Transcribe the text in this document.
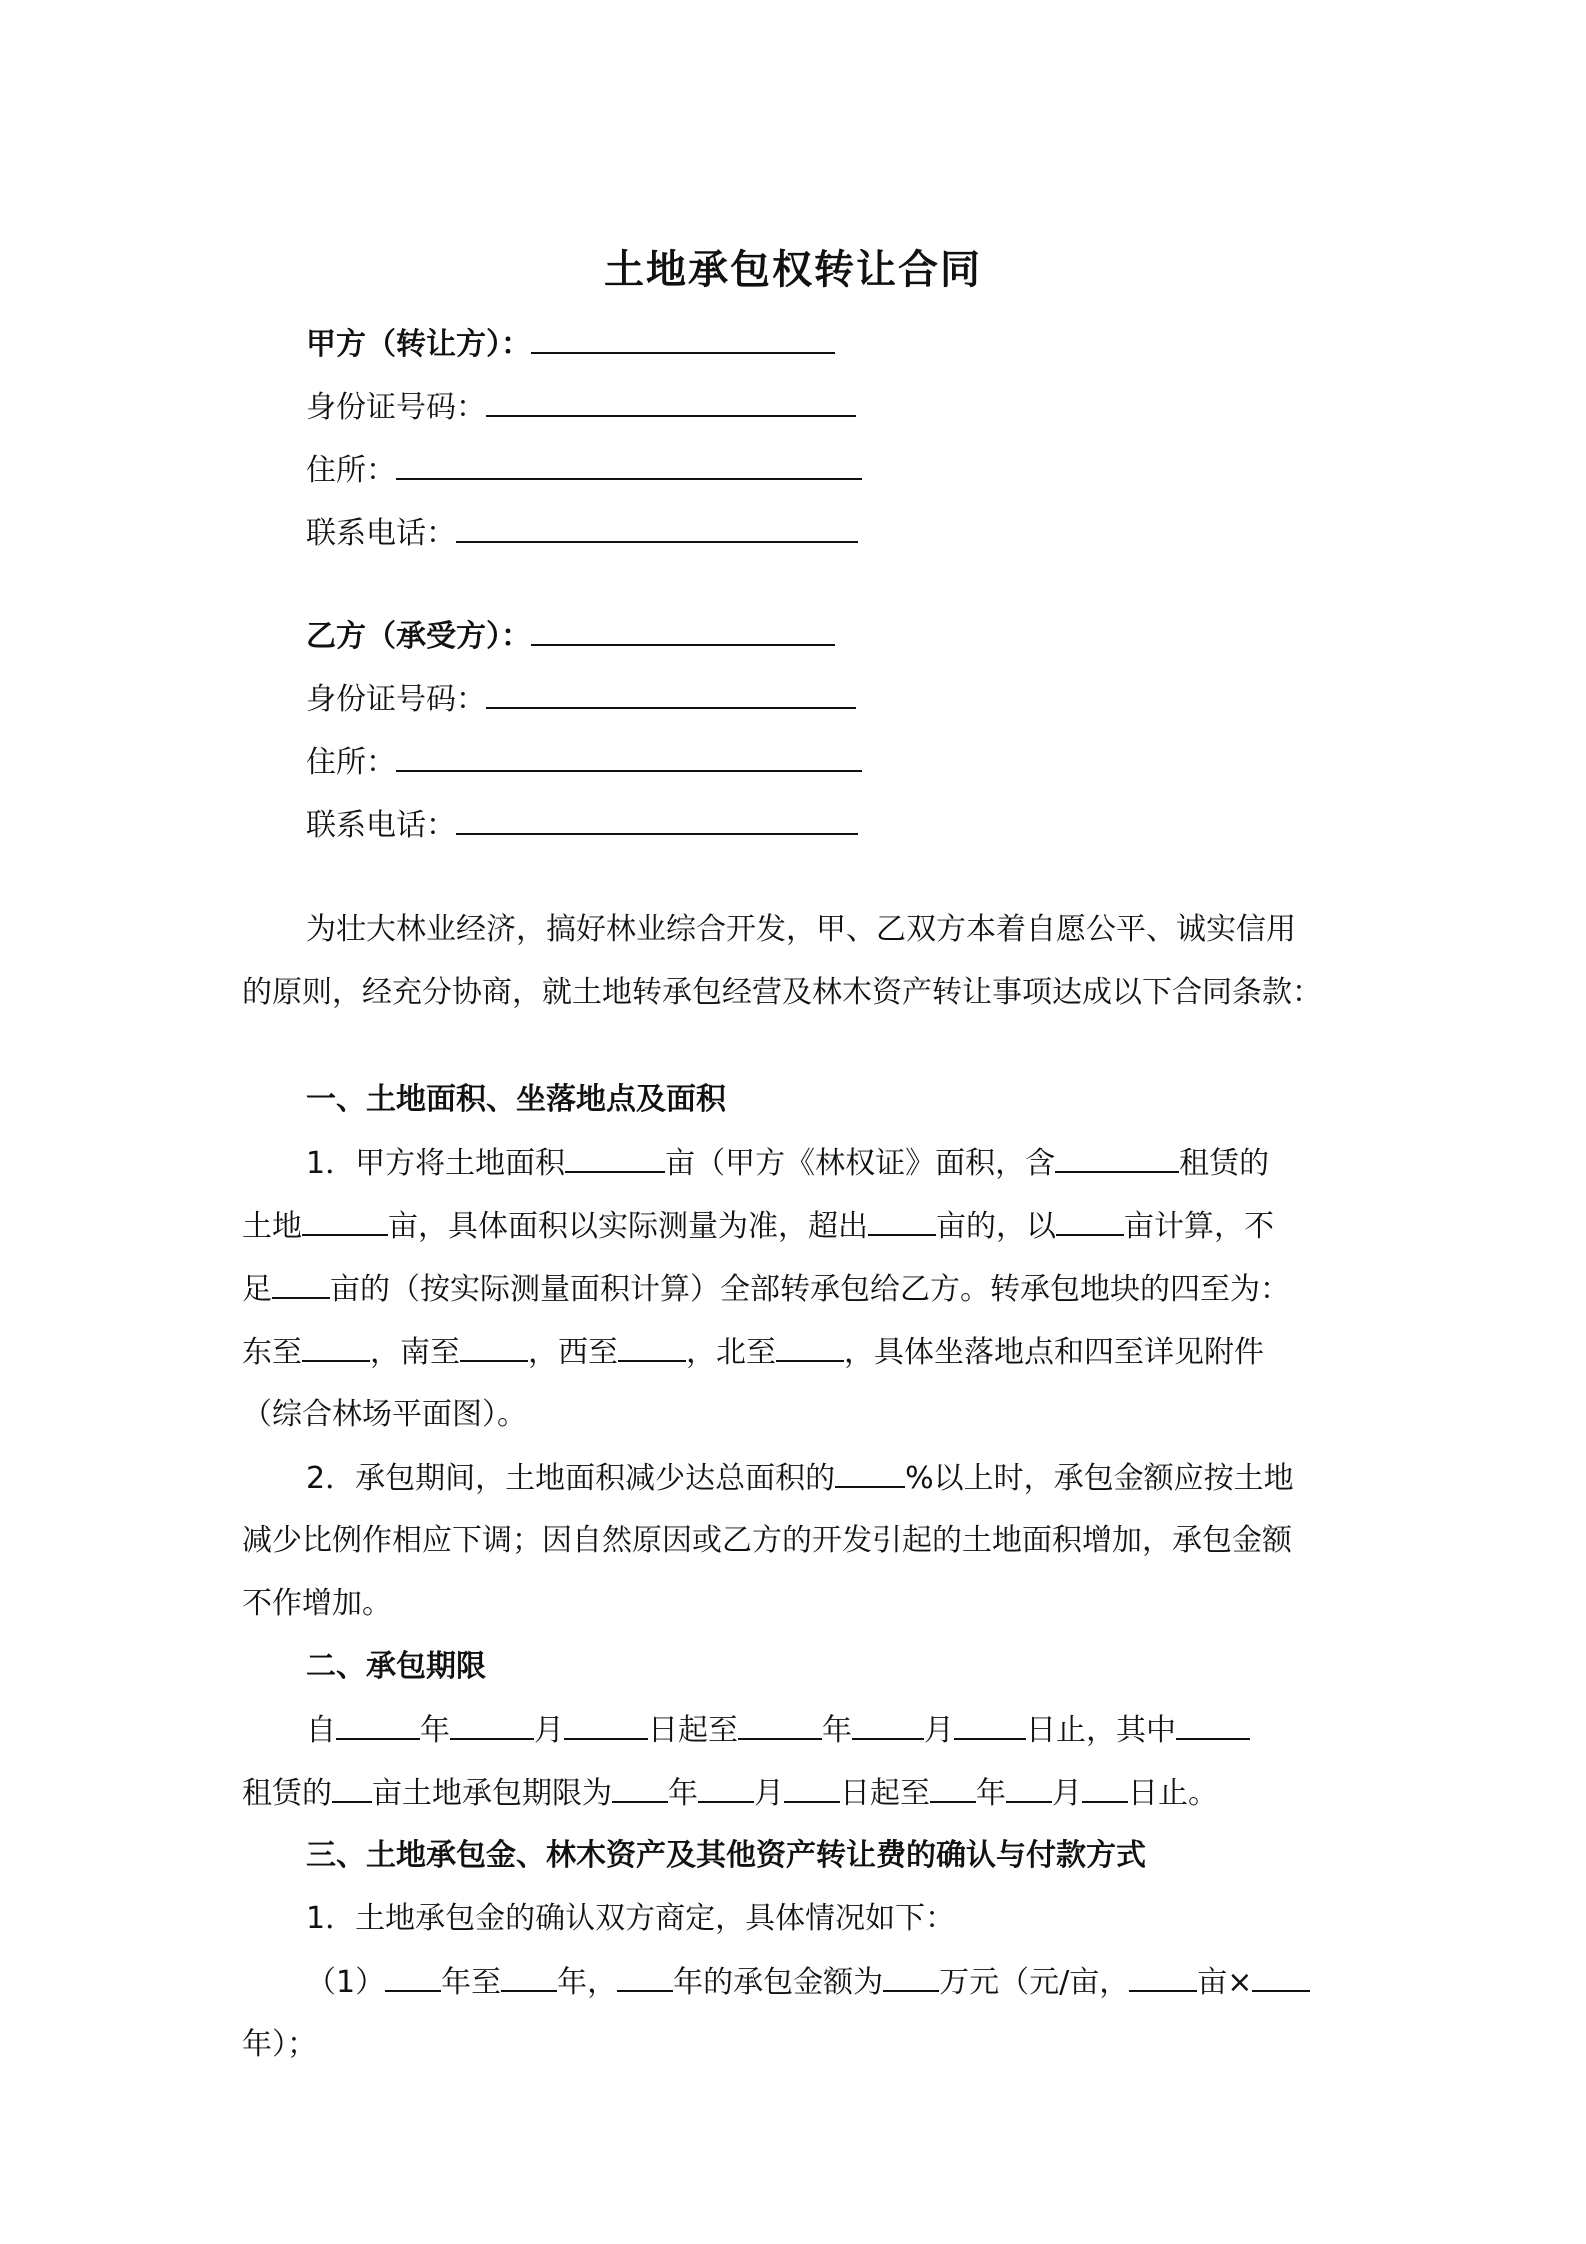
土地承包权转让合同
甲方（转让方）：
身份证号码：
住所：
联系电话：
乙方（承受方）：
身份证号码：
住所：
联系电话：
为壮大林业经济，搞好林业综合开发，甲、乙双方本着自愿公平、诚实信用
的原则，经充分协商，就土地转承包经营及林木资产转让事项达成以下合同条款：
一、土地面积、坐落地点及面积
1．甲方将土地面积	亩（甲方《林权证》面积，含	租赁的
土地	亩，具体面积以实际测量为准，超出 亩的，以 亩计算，不
足 亩的（按实际测量面积计算）全部转承包给乙方。转承包地块的四至为：
东至 ，南至 ，西至 ，北至 ，具体坐落地点和四至详见附件
（综合林场平面图）。
2．承包期间，土地面积减少达总面积的 %以上时，承包金额应按土地
减少比例作相应下调；因自然原因或乙方的开发引起的土地面积增加，承包金额
不作增加。
二、承包期限
自	年	月	日起至	年 月 日止，其中
租赁的 亩土地承包期限为 年 月 日起至 年 月 日止。
三、土地承包金、林木资产及其他资产转让费的确认与付款方式
1．土地承包金的确认双方商定，具体情况如下：
（1） 年至 年， 年的承包金额为 万元（元/亩， 亩×
年）；
